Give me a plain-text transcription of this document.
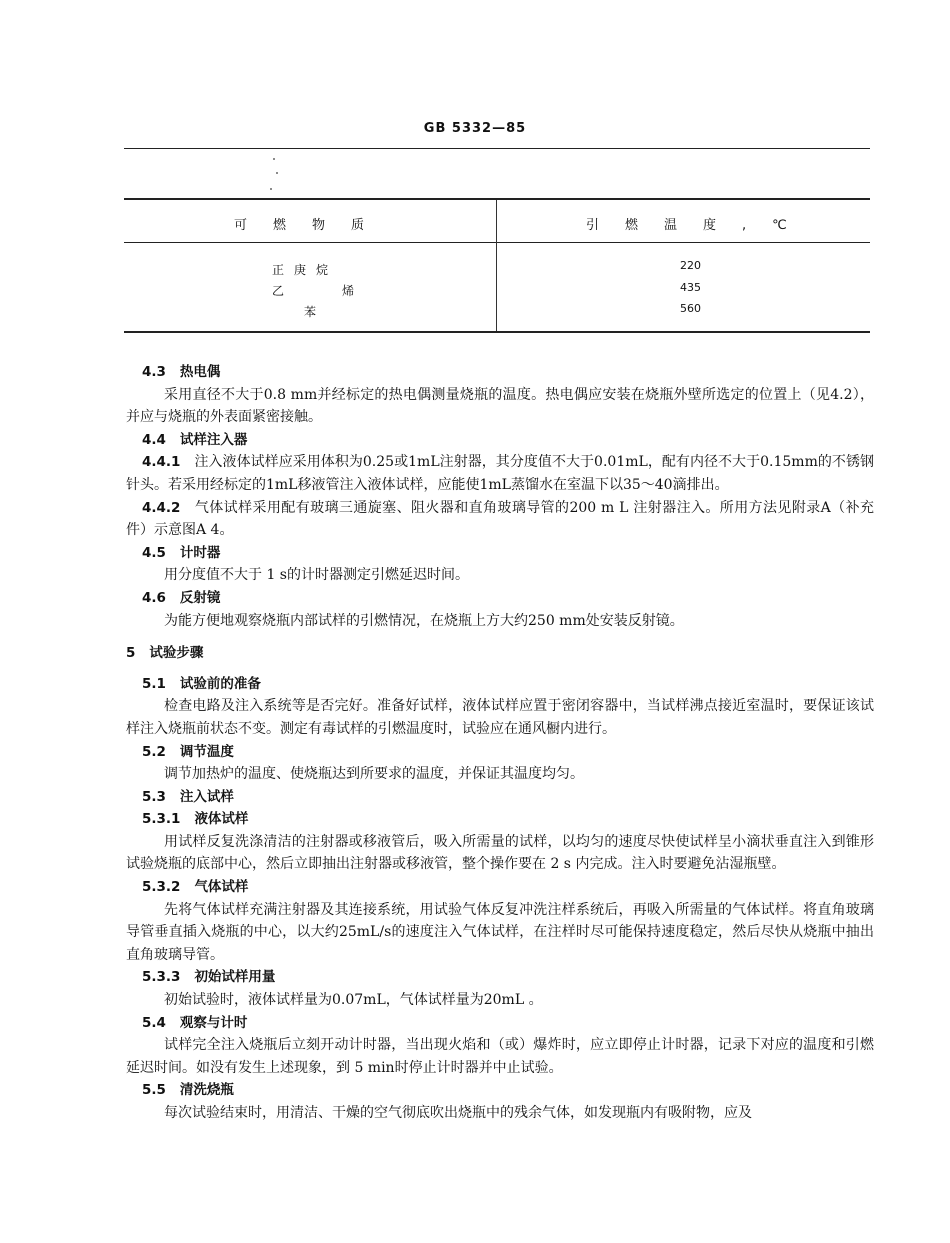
GB 5332—85
可燃物质	引燃温度,℃
正庚烷	220
乙烯	435
苯	560
4.3 热电偶
采用直径不大于0.8 mm并经标定的热电偶测量烧瓶的温度。热电偶应安装在烧瓶外壁所选定的位置上（见4.2），并应与烧瓶的外表面紧密接触。
4.4 试样注入器
4.4.1 注入液体试样应采用体积为0.25或1mL注射器，其分度值不大于0.01mL，配有内径不大于0.15mm的不锈钢针头。若采用经标定的1mL移液管注入液体试样，应能使1mL蒸馏水在室温下以35～40滴排出。
4.4.2 气体试样采用配有玻璃三通旋塞、阻火器和直角玻璃导管的200 m L 注射器注入。所用方法见附录A（补充件）示意图A 4。
4.5 计时器
用分度值不大于 1 s的计时器测定引燃延迟时间。
4.6 反射镜
为能方便地观察烧瓶内部试样的引燃情况，在烧瓶上方大约250 mm处安装反射镜。
5 试验步骤
5.1 试验前的准备
检查电路及注入系统等是否完好。准备好试样，液体试样应置于密闭容器中，当试样沸点接近室温时，要保证该试样注入烧瓶前状态不变。测定有毒试样的引燃温度时，试验应在通风橱内进行。
5.2 调节温度
调节加热炉的温度、使烧瓶达到所要求的温度，并保证其温度均匀。
5.3 注入试样
5.3.1 液体试样
用试样反复洗涤清洁的注射器或移液管后，吸入所需量的试样，以均匀的速度尽快使试样呈小滴状垂直注入到锥形试验烧瓶的底部中心，然后立即抽出注射器或移液管，整个操作要在 2 s 内完成。注入时要避免沾湿瓶壁。
5.3.2 气体试样
先将气体试样充满注射器及其连接系统，用试验气体反复冲洗注样系统后，再吸入所需量的气体试样。将直角玻璃导管垂直插入烧瓶的中心，以大约25mL/s的速度注入气体试样，在注样时尽可能保持速度稳定，然后尽快从烧瓶中抽出直角玻璃导管。
5.3.3 初始试样用量
初始试验时，液体试样量为0.07mL，气体试样量为20mL 。
5.4 观察与计时
试样完全注入烧瓶后立刻开动计时器，当出现火焰和（或）爆炸时，应立即停止计时器，记录下对应的温度和引燃延迟时间。如没有发生上述现象，到 5 min时停止计时器并中止试验。
5.5 清洗烧瓶
每次试验结束时，用清洁、干燥的空气彻底吹出烧瓶中的残余气体，如发现瓶内有吸附物，应及
